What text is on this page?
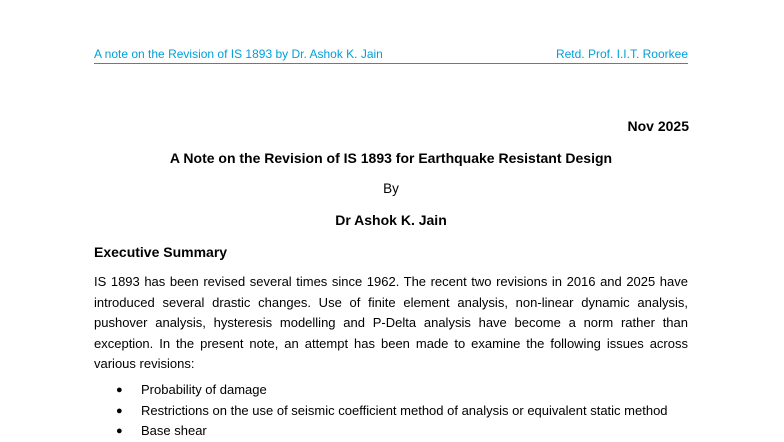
A note on the Revision of IS 1893 by Dr. Ashok K. Jain	Retd. Prof. I.I.T. Roorkee
Nov 2025
A Note on the Revision of IS 1893 for Earthquake Resistant Design
By
Dr Ashok K. Jain
Executive Summary

IS 1893 has been revised several times since 1962. The recent two revisions in 2016 and 2025 have introduced several drastic changes. Use of finite element analysis, non-linear dynamic analysis, pushover analysis, hysteresis modelling and P-Delta analysis have become a norm rather than exception. In the present note, an attempt has been made to examine the following issues across various revisions:

● Probability of damage
● Restrictions on the use of seismic coefficient method of analysis or equivalent static method
● Base shear
